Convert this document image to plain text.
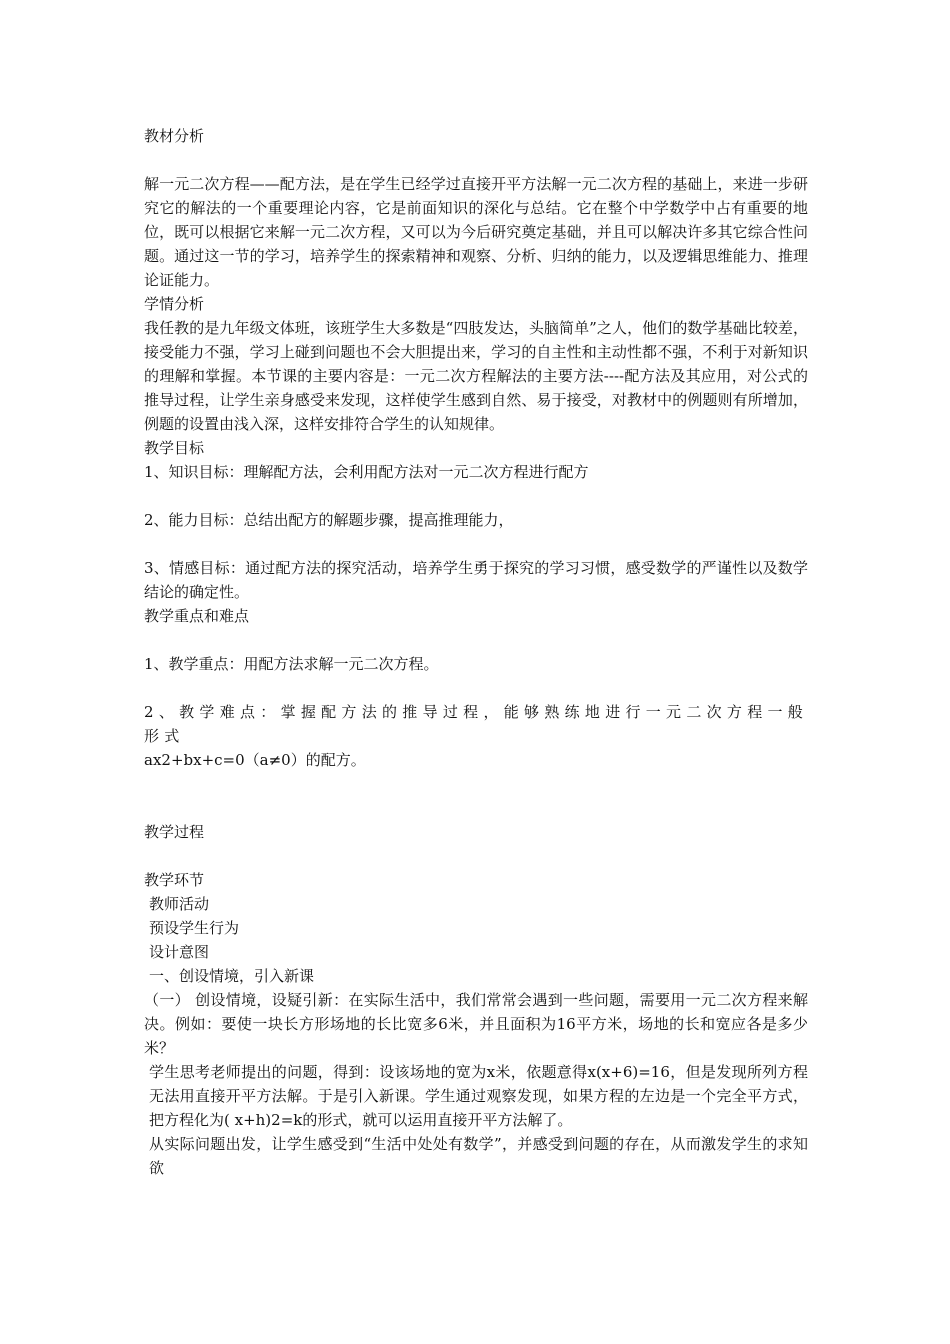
教材分析

解一元二次方程——配方法，是在学生已经学过直接开平方法解一元二次方程的基础上，来进一步研究它的解法的一个重要理论内容，它是前面知识的深化与总结。它在整个中学数学中占有重要的地位，既可以根据它来解一元二次方程，又可以为今后研究奠定基础，并且可以解决许多其它综合性问题。通过这一节的学习，培养学生的探索精神和观察、分析、归纳的能力，以及逻辑思维能力、推理论证能力。

学情分析

我任教的是九年级文体班，该班学生大多数是“四肢发达，头脑简单”之人，他们的数学基础比较差，接受能力不强，学习上碰到问题也不会大胆提出来，学习的自主性和主动性都不强，不利于对新知识的理解和掌握。本节课的主要内容是：一元二次方程解法的主要方法----配方法及其应用，对公式的推导过程，让学生亲身感受来发现，这样使学生感到自然、易于接受，对教材中的例题则有所增加，例题的设置由浅入深，这样安排符合学生的认知规律。

教学目标

1、知识目标：理解配方法，会利用配方法对一元二次方程进行配方

2、能力目标：总结出配方的解题步骤，提高推理能力，

3、情感目标：通过配方法的探究活动，培养学生勇于探究的学习习惯，感受数学的严谨性以及数学结论的确定性。

教学重点和难点

1、教学重点：用配方法求解一元二次方程。

2、教学难点：掌握配方法的推导过程，能够熟练地进行一元二次方程一般形式

ax2+bx+c=0（a≠0）的配方。

教学过程

教学环节

教师活动

预设学生行为

设计意图

一、创设情境，引入新课

（一） 创设情境，设疑引新：在实际生活中，我们常常会遇到一些问题，需要用一元二次方程来解决。例如：要使一块长方形场地的长比宽多6米，并且面积为16平方米，场地的长和宽应各是多少米？

学生思考老师提出的问题，得到：设该场地的宽为x米，依题意得x(x+6)=16，但是发现所列方程无法用直接开平方法解。于是引入新课。学生通过观察发现，如果方程的左边是一个完全平方式，把方程化为( x+h)2=k的形式，就可以运用直接开平方法解了。

从实际问题出发，让学生感受到“生活中处处有数学”，并感受到问题的存在，从而激发学生的求知欲
